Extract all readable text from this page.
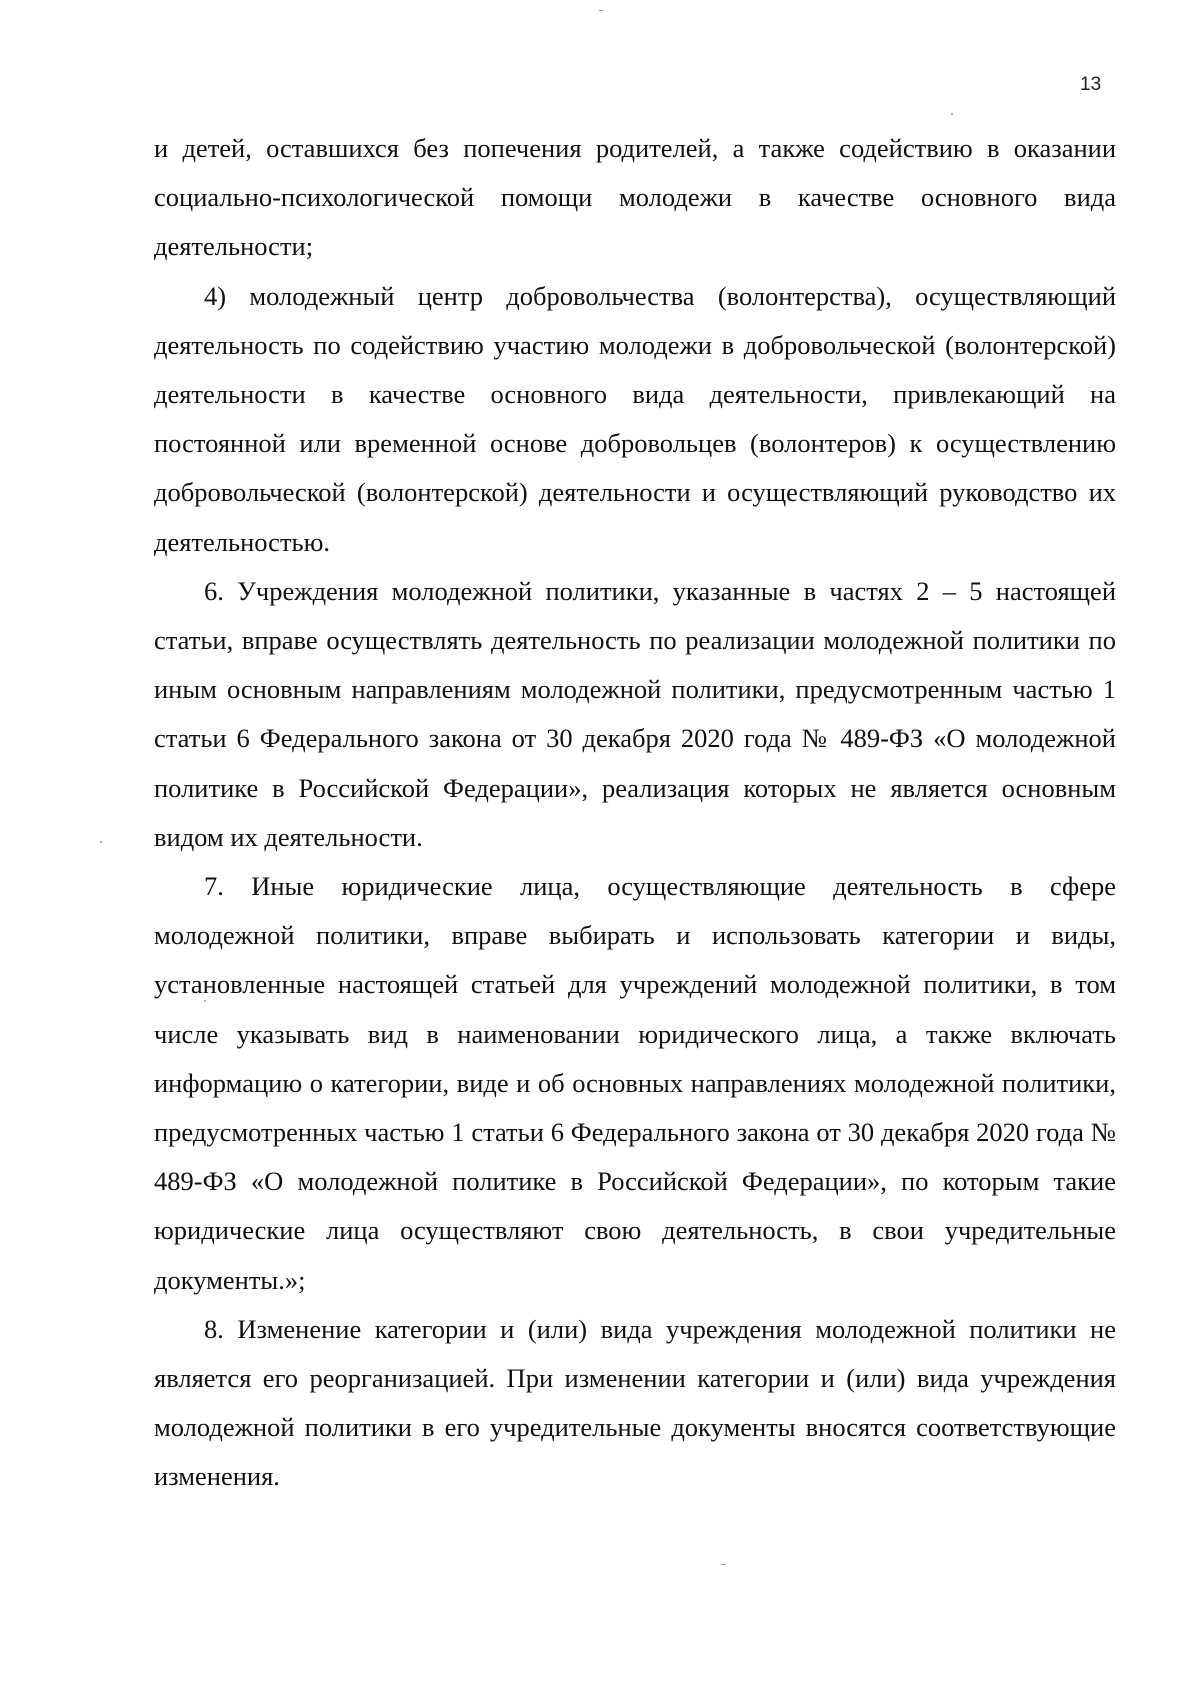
13

и детей, оставшихся без попечения родителей, а также содействию в оказании социально-психологической помощи молодежи в качестве основного вида деятельности;

4) молодежный центр добровольчества (волонтерства), осуществляющий деятельность по содействию участию молодежи в добровольческой (волонтерской) деятельности в качестве основного вида деятельности, привлекающий на постоянной или временной основе добровольцев (волонтеров) к осуществлению добровольческой (волонтерской) деятельности и осуществляющий руководство их деятельностью.

6. Учреждения молодежной политики, указанные в частях 2 – 5 настоящей статьи, вправе осуществлять деятельность по реализации молодежной политики по иным основным направлениям молодежной политики, предусмотренным частью 1 статьи 6 Федерального закона от 30 декабря 2020 года № 489-ФЗ «О молодежной политике в Российской Федерации», реализация которых не является основным видом их деятельности.

7. Иные юридические лица, осуществляющие деятельность в сфере молодежной политики, вправе выбирать и использовать категории и виды, установленные настоящей статьей для учреждений молодежной политики, в том числе указывать вид в наименовании юридического лица, а также включать информацию о категории, виде и об основных направлениях молодежной политики, предусмотренных частью 1 статьи 6 Федерального закона от 30 декабря 2020 года № 489-ФЗ «О молодежной политике в Российской Федерации», по которым такие юридические лица осуществляют свою деятельность, в свои учредительные документы.»;

8. Изменение категории и (или) вида учреждения молодежной политики не является его реорганизацией. При изменении категории и (или) вида учреждения молодежной политики в его учредительные документы вносятся соответствующие изменения.
